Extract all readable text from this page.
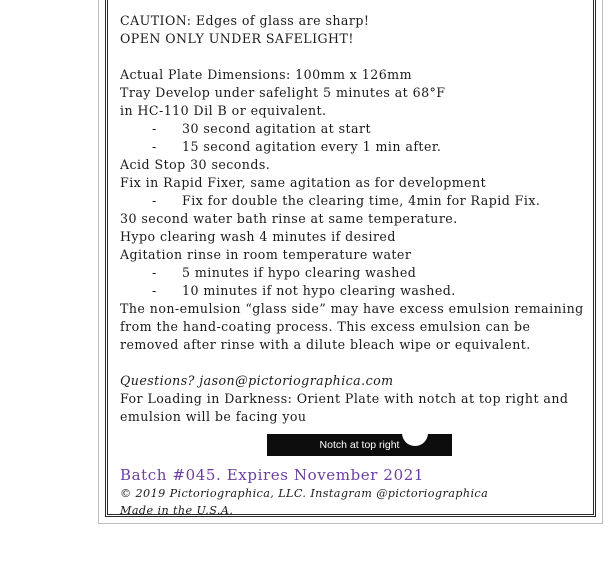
CAUTION: Edges of glass are sharp!
OPEN ONLY UNDER SAFELIGHT!
Actual Plate Dimensions: 100mm x 126mm
Tray Develop under safelight 5 minutes at 68°F
in HC-110 Dil B or equivalent.
-	30 second agitation at start
-	15 second agitation every 1 min after.
Acid Stop 30 seconds.
Fix in Rapid Fixer, same agitation as for development
-	Fix for double the clearing time, 4min for Rapid Fix.
30 second water bath rinse at same temperature.
Hypo clearing wash 4 minutes if desired
Agitation rinse in room temperature water
-	5 minutes if hypo clearing washed
-	10 minutes if not hypo clearing washed.
The non-emulsion “glass side” may have excess emulsion remaining from the hand-coating process. This excess emulsion can be removed after rinse with a dilute bleach wipe or equivalent.
Questions? jason@pictoriographica.com
For Loading in Darkness: Orient Plate with notch at top right and emulsion will be facing you
Notch at top right
Batch #045. Expires November 2021
© 2019 Pictoriographica, LLC. Instagram @pictoriographica
Made in the U.S.A.
